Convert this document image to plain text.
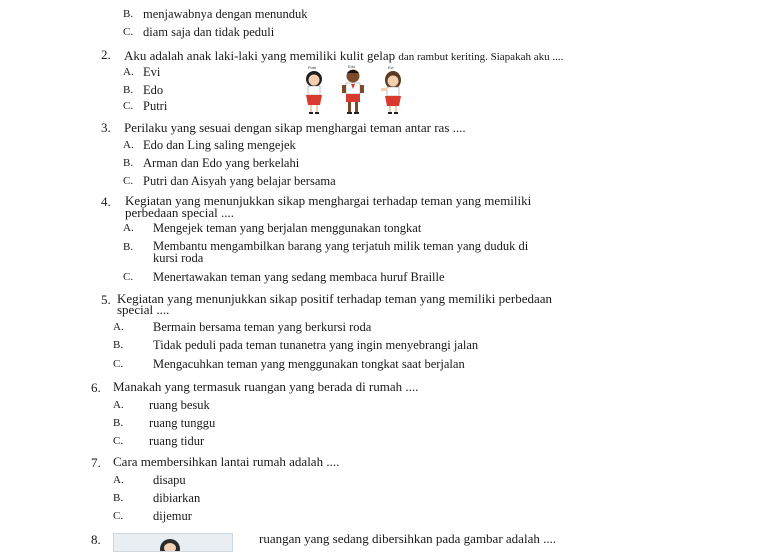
B. menjawabnya dengan menunduk
C. diam saja dan tidak peduli
2. Aku adalah anak laki-laki yang memiliki kulit gelap dan rambut keriting. Siapakah aku ....
A. Evi
B. Edo
C. Putri
Putri	Edo	Evi
3. Perilaku yang sesuai dengan sikap menghargai teman antar ras ....
A. Edo dan Ling saling mengejek
B. Arman dan Edo yang berkelahi
C. Putri dan Aisyah yang belajar bersama
4. Kegiatan yang menunjukkan sikap menghargai terhadap teman yang memiliki
perbedaan special ....
A. Mengejek teman yang berjalan menggunakan tongkat
B. Membantu mengambilkan barang yang terjatuh milik teman yang duduk di
kursi roda
C. Menertawakan teman yang sedang membaca huruf Braille
5. Kegiatan yang menunjukkan sikap positif terhadap teman yang memiliki perbedaan
special ....
A. Bermain bersama teman yang berkursi roda
B. Tidak peduli pada teman tunanetra yang ingin menyebrangi jalan
C. Mengacuhkan teman yang menggunakan tongkat saat berjalan
6. Manakah yang termasuk ruangan yang berada di rumah ....
A. ruang besuk
B. ruang tunggu
C. ruang tidur
7. Cara membersihkan lantai rumah adalah ....
A. disapu
B. dibiarkan
C. dijemur
8.	ruangan yang sedang dibersihkan pada gambar adalah ....
